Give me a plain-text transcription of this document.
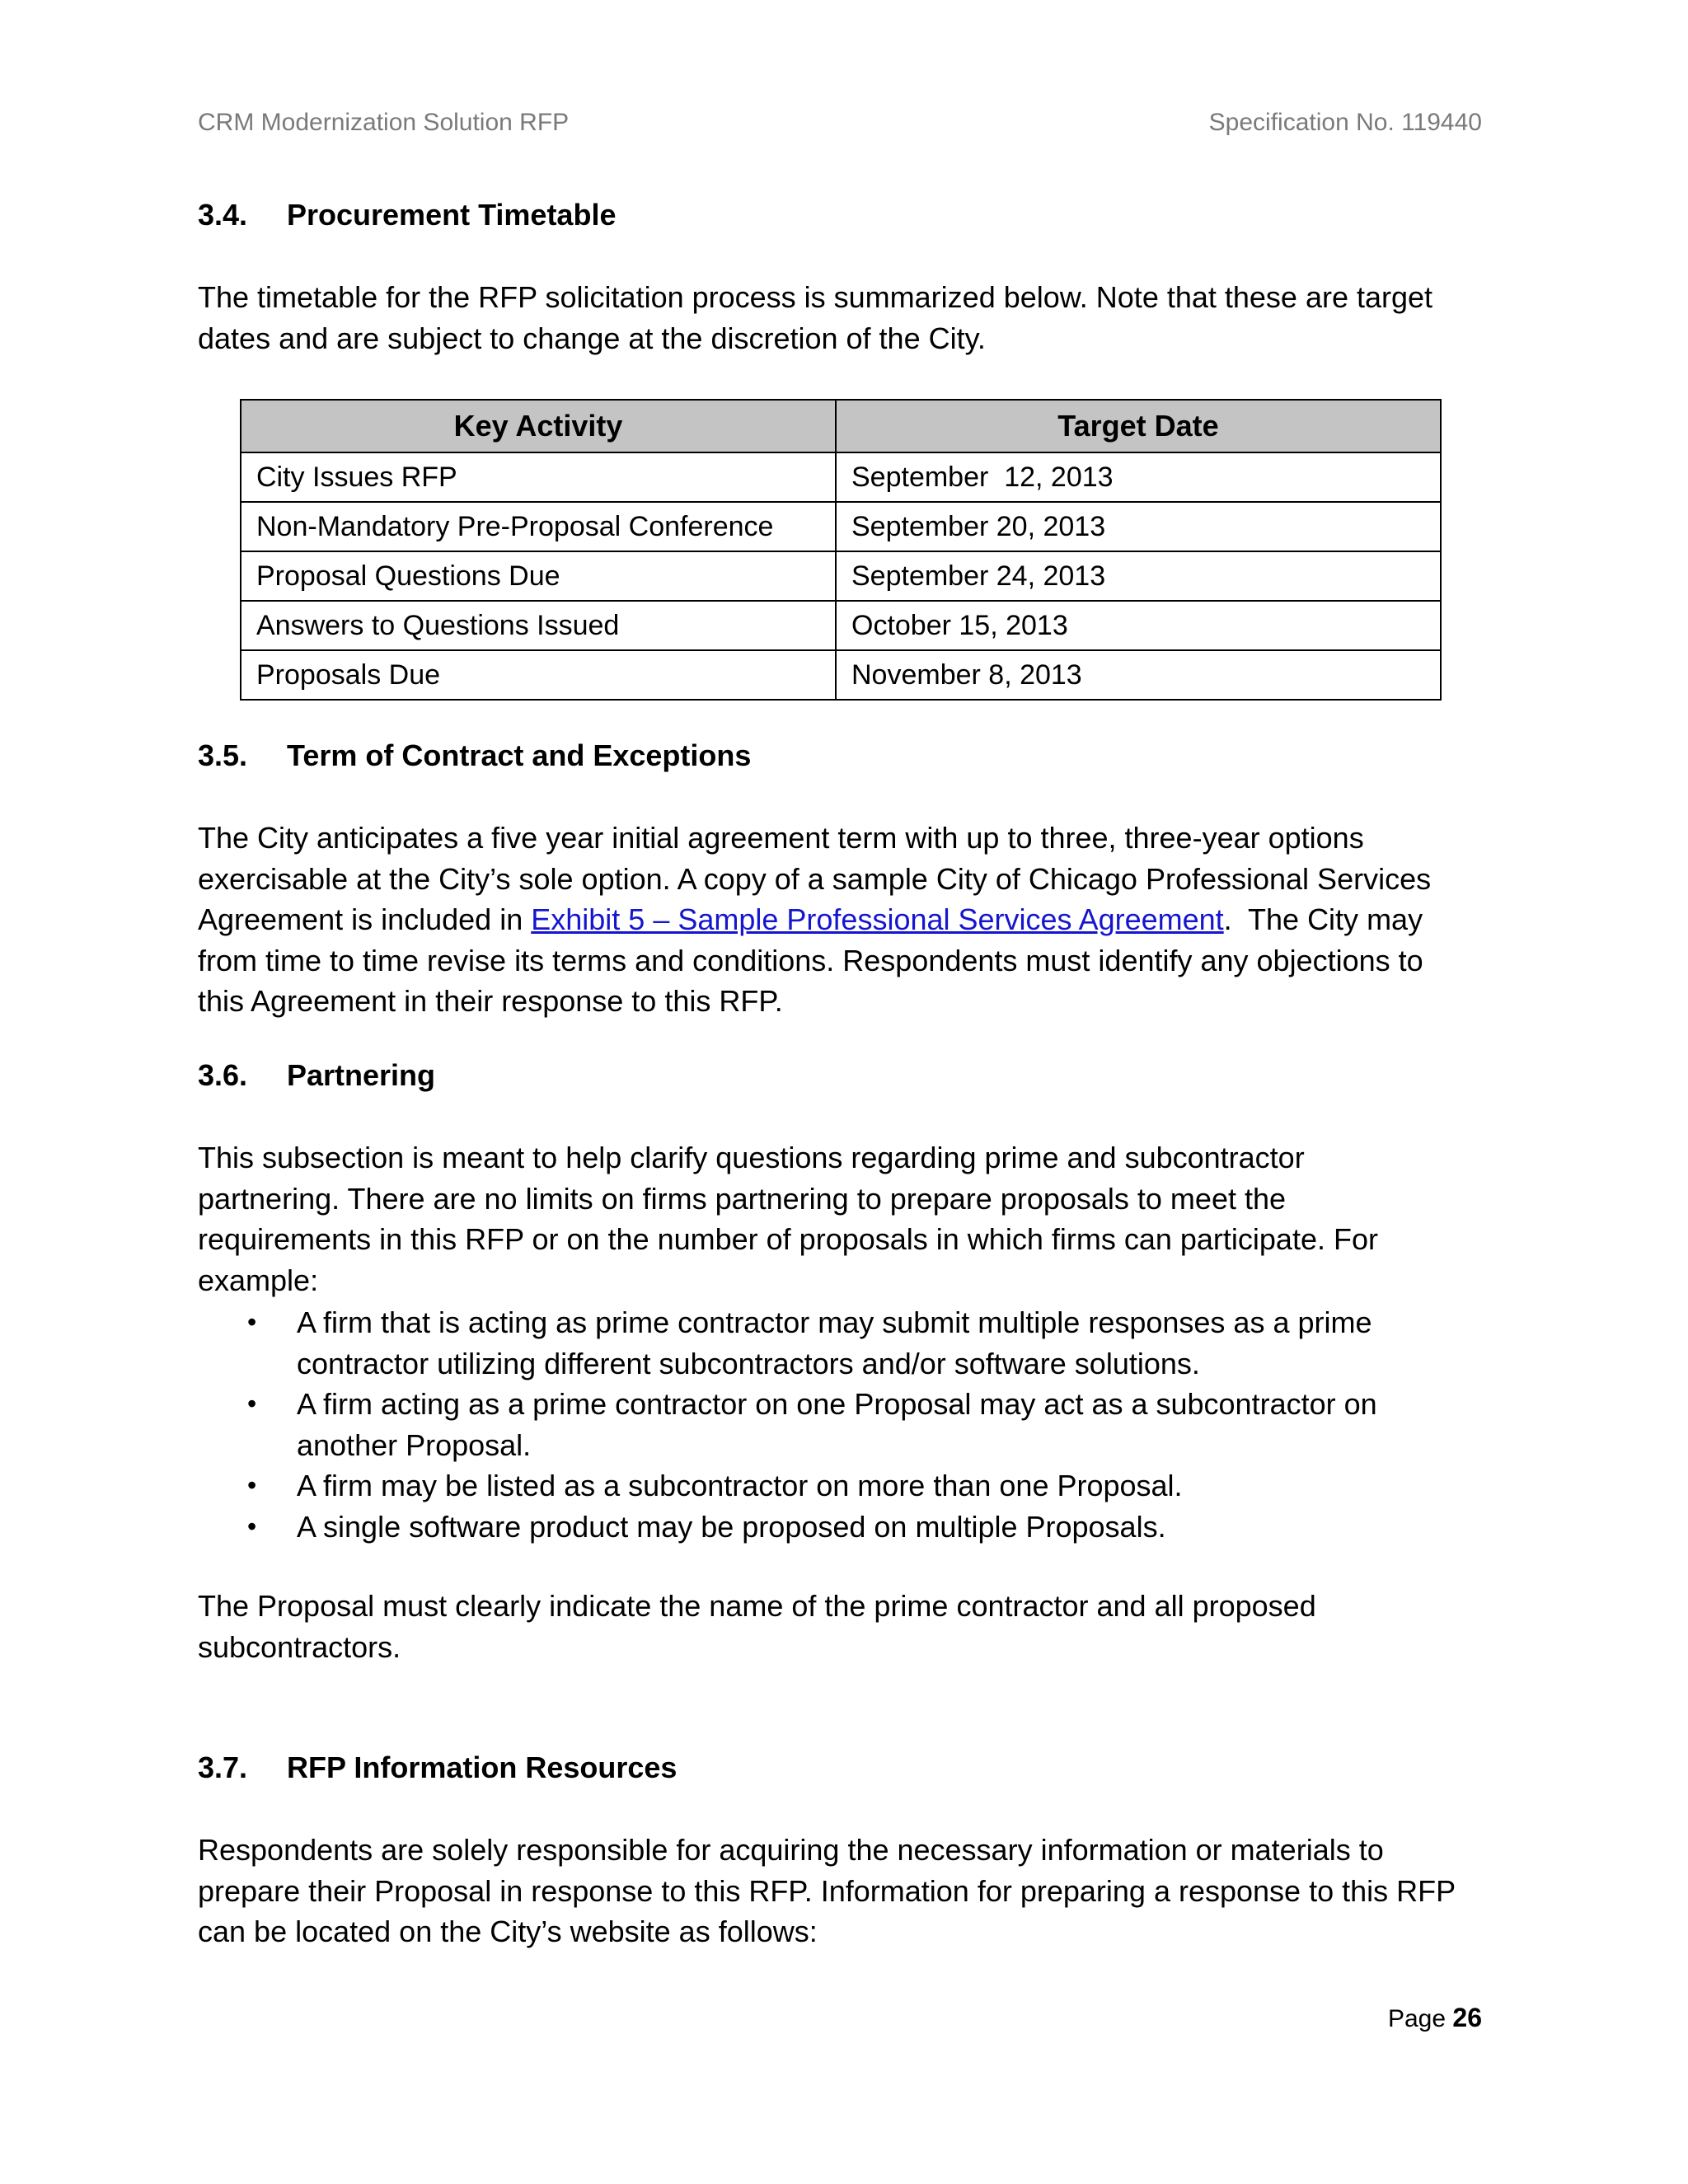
CRM Modernization Solution RFP	Specification No. 119440
3.4. Procurement Timetable
The timetable for the RFP solicitation process is summarized below. Note that these are target
dates and are subject to change at the discretion of the City.
Key Activity	Target Date
City Issues RFP	September  12, 2013
Non-Mandatory Pre-Proposal Conference	September 20, 2013
Proposal Questions Due	September 24, 2013
Answers to Questions Issued	October 15, 2013
Proposals Due	November 8, 2013
3.5. Term of Contract and Exceptions
The City anticipates a five year initial agreement term with up to three, three-year options
exercisable at the City’s sole option. A copy of a sample City of Chicago Professional Services
Agreement is included in Exhibit 5 – Sample Professional Services Agreement.  The City may
from time to time revise its terms and conditions. Respondents must identify any objections to
this Agreement in their response to this RFP.
3.6. Partnering
This subsection is meant to help clarify questions regarding prime and subcontractor
partnering. There are no limits on firms partnering to prepare proposals to meet the
requirements in this RFP or on the number of proposals in which firms can participate. For
example:
• A firm that is acting as prime contractor may submit multiple responses as a prime
contractor utilizing different subcontractors and/or software solutions.
• A firm acting as a prime contractor on one Proposal may act as a subcontractor on
another Proposal.
• A firm may be listed as a subcontractor on more than one Proposal.
• A single software product may be proposed on multiple Proposals.
The Proposal must clearly indicate the name of the prime contractor and all proposed
subcontractors.
3.7. RFP Information Resources
Respondents are solely responsible for acquiring the necessary information or materials to
prepare their Proposal in response to this RFP. Information for preparing a response to this RFP
can be located on the City’s website as follows:
Page 26
